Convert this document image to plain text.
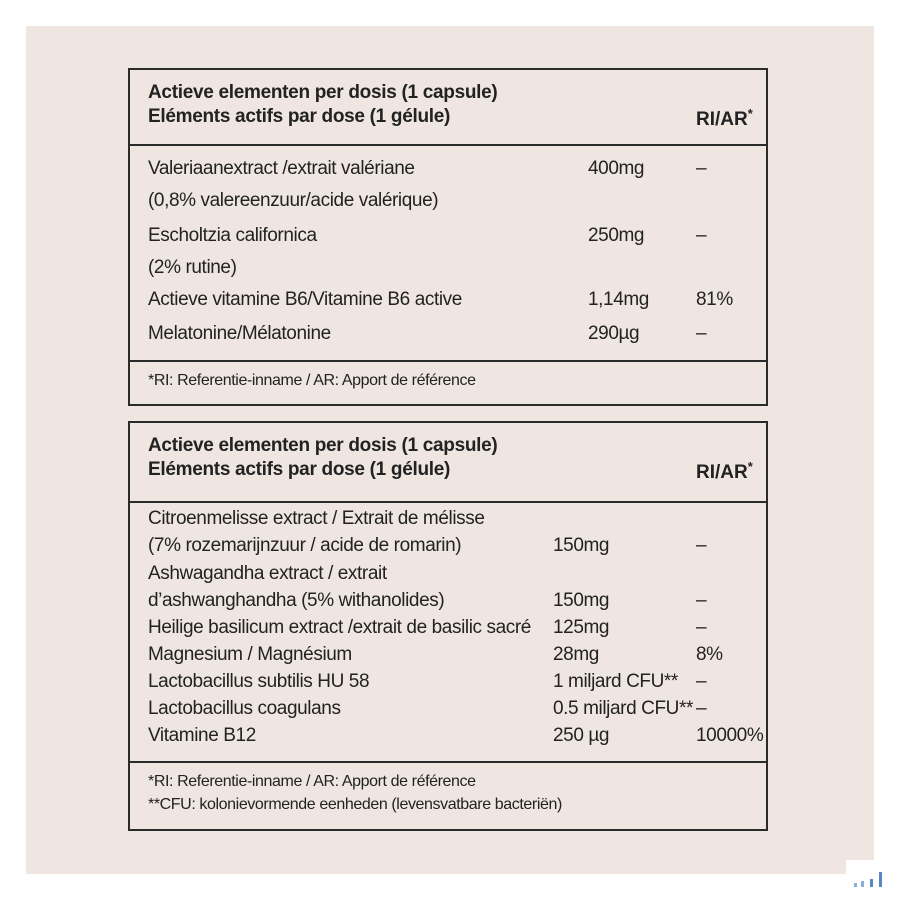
Actieve elementen per dosis (1 capsule)
Eléments actifs par dose (1 gélule)	RI/AR*
Valeriaanextract /extrait valériane	400mg	–
(0,8% valereenzuur/acide valérique)
Escholtzia californica	250mg	–
(2% rutine)
Actieve vitamine B6/Vitamine B6 active	1,14mg 81%
Melatonine/Mélatonine	290µg	–
*RI: Referentie-inname / AR: Apport de référence
Actieve elementen per dosis (1 capsule)
Eléments actifs par dose (1 gélule)	RI/AR*
Citroenmelisse extract / Extrait de mélisse
(7% rozemarijnzuur / acide de romarin)	150mg	–
Ashwagandha extract / extrait
d’ashwanghandha (5% withanolides)	150mg	–
Heilige basilicum extract /extrait de basilic sacré 125mg	–
Magnesium / Magnésium	28mg	8%
Lactobacillus subtilis HU 58	1 miljard CFU** –
Lactobacillus coagulans	0.5 miljard CFU** –
Vitamine B12	250 µg	10000%
*RI: Referentie-inname / AR: Apport de référence
**CFU: kolonievormende eenheden (levensvatbare bacteriën)
